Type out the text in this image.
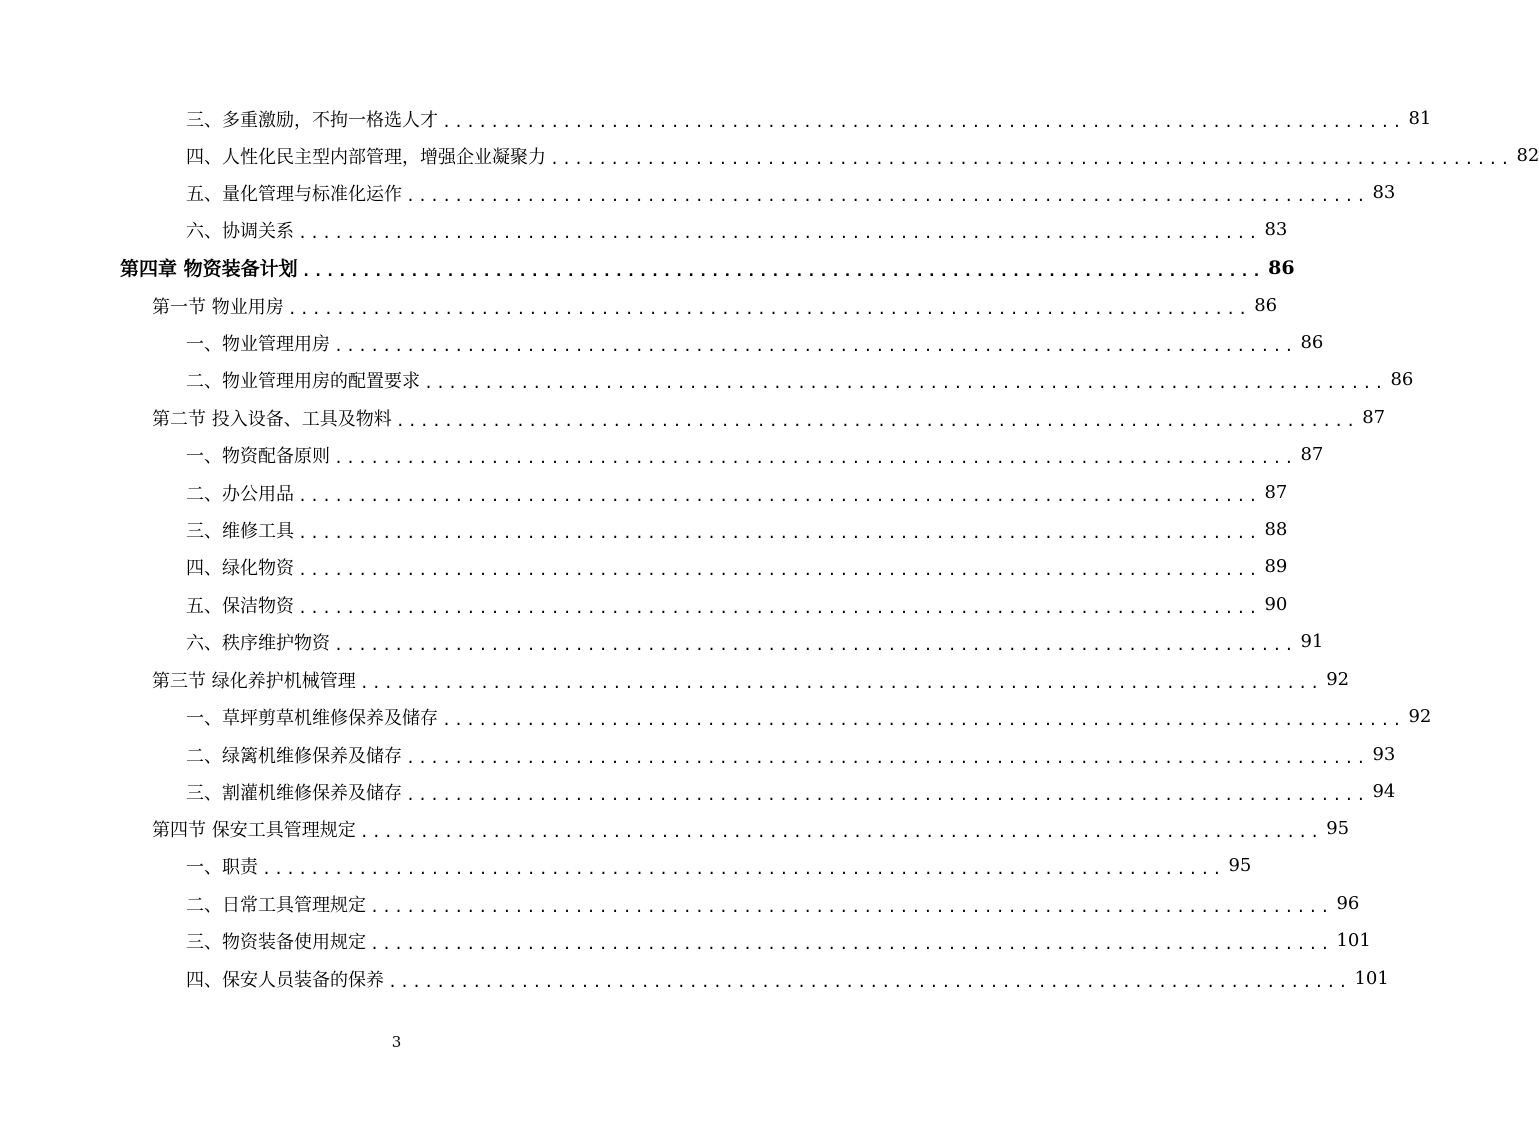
三、多重激励，不拘一格选人才 ................................................................................ 81
四、人性化民主型内部管理，增强企业凝聚力 ................................................................................ 82
五、量化管理与标准化运作 ................................................................................ 83
六、协调关系 ................................................................................ 83
第四章 物资装备计划 ................................................................................ 86
第一节 物业用房 ................................................................................ 86
一、物业管理用房 ................................................................................ 86
二、物业管理用房的配置要求 ................................................................................ 86
第二节 投入设备、工具及物料 ................................................................................ 87
一、物资配备原则 ................................................................................ 87
二、办公用品 ................................................................................ 87
三、维修工具 ................................................................................ 88
四、绿化物资 ................................................................................ 89
五、保洁物资 ................................................................................ 90
六、秩序维护物资 ................................................................................ 91
第三节 绿化养护机械管理 ................................................................................ 92
一、草坪剪草机维修保养及储存 ................................................................................ 92
二、绿篱机维修保养及储存 ................................................................................ 93
三、割灌机维修保养及储存 ................................................................................ 94
第四节 保安工具管理规定 ................................................................................ 95
一、职责 ................................................................................ 95
二、日常工具管理规定 ................................................................................ 96
三、物资装备使用规定 ................................................................................ 101
四、保安人员装备的保养 ................................................................................ 101
3
